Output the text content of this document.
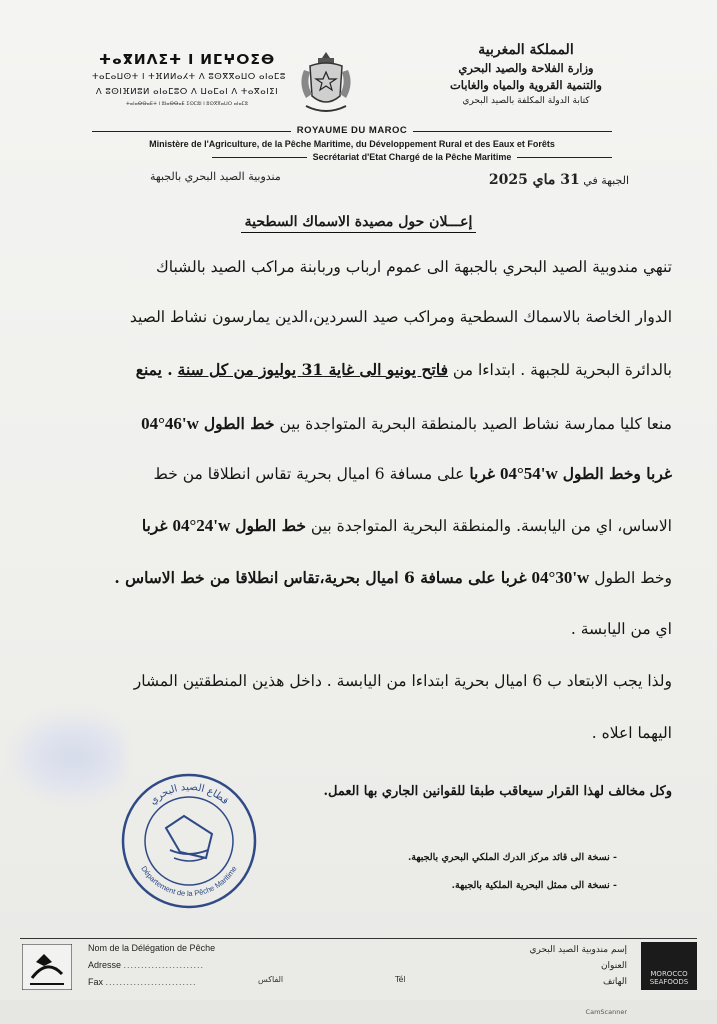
ⵜⴰⴳⵍⴷⵉⵜ ⵏ ⵍⵎⵖⵔⵉⴱ
ⵜⴰⵎⴰⵡⵙⵜ ⵏ ⵜⴼⵍⵍⴰⵃⵜ ⴷ ⵓⵙⴳⴳⴰⵡⵔ ⴰⵏⴰⵎⵓ
ⴷ ⵓⵙⵏⴼⵍⵓⵍ ⴰⵏⴰⵎⵓⵔ ⴷ ⵡⴰⵎⴰⵏ ⴷ ⵜⴰⴳⴰⵏⵉⵏ
ⵜⴰⵏⴰⴱⴱⴰⴹⵜ ⵏ ⵓⵏⴰⴱⴱⴰⴹ ⵉⵙⵎⵓⵏ ⵏ ⵓⵙⴳⴳⴰⵡⵔ ⴰⵏⴰⵎⵓ
المملكة المغربية
وزارة الفلاحة والصيد البحري
والتنمية القروية والمياه والغابات
كتابة الدولة المكلفة بالصيد البحري
ROYAUME DU MAROC
Ministère de l'Agriculture, de la Pêche Maritime, du Développement Rural et des Eaux et Forêts
Secrétariat d'Etat Chargé de la Pêche Maritime
مندوبية الصيد البحري بالجبهة	الجبهة في 31 ماي 2025
إعـــلان حول مصيدة الاسماك السطحية
تنهي مندوبية الصيد البحري بالجبهة الى عموم ارباب وربابنة مراكب الصيد بالشباك
الدوار الخاصة بالاسماك السطحية ومراكب صيد السردين،الدين يمارسون نشاط الصيد
بالدائرة البحرية للجبهة . ابتداءا من فاتح يونيو الى غاية 31 يوليوز من كل سنة . يمنع
منعا كليا ممارسة نشاط الصيد بالمنطقة البحرية المتواجدة بين خط الطول 04°46'w
غربا وخط الطول 04°54'w غربا على مسافة 6 اميال بحرية تقاس انطلاقا من خط
الاساس، اي من اليابسة. والمنطقة البحرية المتواجدة بين خط الطول 04°24'w غربا
وخط الطول 04°30'w غربا على مسافة 6 اميال بحرية،تقاس انطلاقا من خط الاساس .
اي من اليابسة .
ولذا يجب الابتعاد ب 6 اميال بحرية ابتداءا من اليابسة . داخل هذين المنطقتين المشار
اليهما اعلاه .
وكل مخالف لهذا القرار سيعاقب طبقا للقوانين الجاري بها العمل.
- نسخة الى قائد مركز الدرك الملكي البحري بالجبهة.
- نسخة الى ممثل البحرية الملكية بالجبهة.
قطاع الصيد البحري
Département de la Pêche Maritime
Nom de la Délégation de Pêche
Adresse .......................
Fax ..........................	الفاكس	Tél
إسم مندوبية الصيد البحري
العنوان
الهاتف
MOROCCO SEAFOODS
CamScanner
